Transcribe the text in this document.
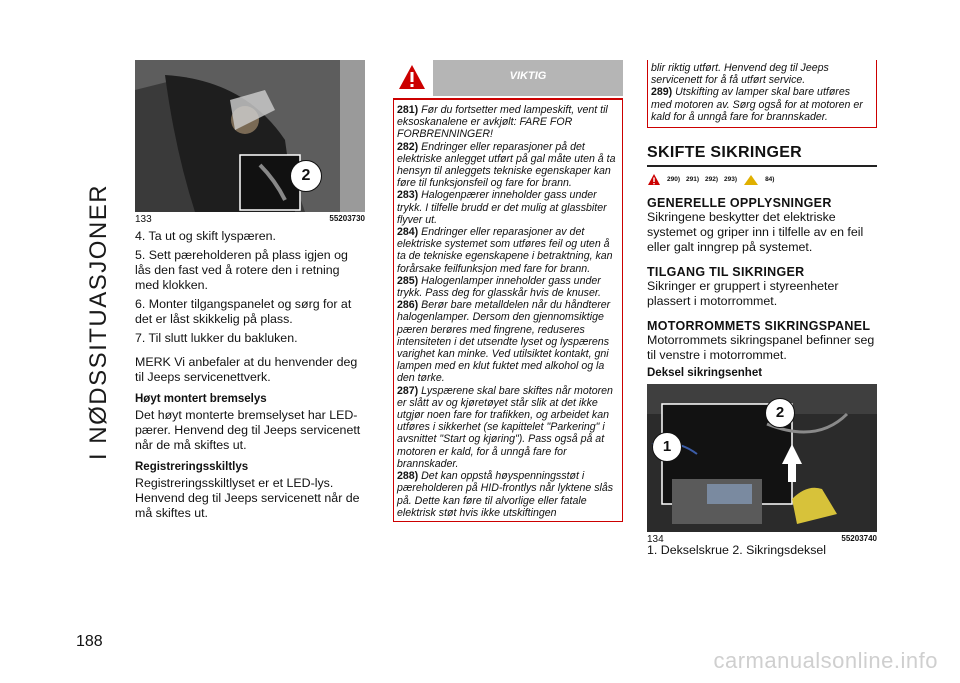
I NØDSSITUASJONER
2
133	55203730

4. Ta ut og skift lyspæren.

5. Sett pæreholderen på plass igjen og lås den fast ved å rotere den i retning med klokken.

6. Monter tilgangspanelet og sørg for at det er låst skikkelig på plass.

7. Til slutt lukker du bakluken.

MERK Vi anbefaler at du henvender deg til Jeeps servicenettverk.

Høyt montert bremselys

Det høyt monterte bremselyset har LED-pærer. Henvend deg til Jeeps servicenett når de må skiftes ut.

Registreringsskiltlys

Registreringsskiltlyset er et LED-lys. Henvend deg til Jeeps servicenett når de må skiftes ut.

VIKTIG

281) Før du fortsetter med lampeskift, vent til eksoskanalene er avkjølt: FARE FOR FORBRENNINGER!

282) Endringer eller reparasjoner på det elektriske anlegget utført på gal måte uten å ta hensyn til anleggets tekniske egenskaper kan føre til funksjonsfeil og fare for brann.

283) Halogenpærer inneholder gass under trykk. I tilfelle brudd er det mulig at glassbiter flyver ut.

284) Endringer eller reparasjoner av det elektriske systemet som utføres feil og uten å ta de tekniske egenskapene i betraktning, kan forårsake feilfunksjon med fare for brann.

285) Halogenlamper inneholder gass under trykk. Pass deg for glasskår hvis de knuser.

286) Berør bare metalldelen når du håndterer halogenlamper. Dersom den gjennomsiktige pæren berøres med fingrene, reduseres intensiteten i det utsendte lyset og lyspærens varighet kan minke. Ved utilsiktet kontakt, gni lampen med en klut fuktet med alkohol og la den tørke.

287) Lyspærene skal bare skiftes når motoren er slått av og kjøretøyet står slik at det ikke utgjør noen fare for trafikken, og arbeidet kan utføres i sikkerhet (se kapittelet "Parkering" i avsnittet "Start og kjøring"). Pass også på at motoren er kald, for å unngå fare for brannskader.

288) Det kan oppstå høyspenningsstøt i pæreholderen på HID-frontlys når lyktene slås på. Dette kan føre til alvorlige eller fatale elektrisk støt hvis ikke utskiftingen

blir riktig utført. Henvend deg til Jeeps servicenett for å få utført service.

289) Utskifting av lamper skal bare utføres med motoren av. Sørg også for at motoren er kald for å unngå fare for brannskader.

SKIFTE SIKRINGER
290) 291) 292) 293)	84)
GENERELLE OPPLYSNINGER

Sikringene beskytter det elektriske systemet og griper inn i tilfelle av en feil eller galt inngrep på systemet.

TILGANG TIL SIKRINGER

Sikringer er gruppert i styreenheter plassert i motorrommet.

MOTORROMMETS SIKRINGSPANEL

Motorrommets sikringspanel befinner seg til venstre i motorrommet.

Deksel sikringsenhet

1
2
134	55203740

1. Dekselskrue 2. Sikringsdeksel

188
carmanualsonline.info
